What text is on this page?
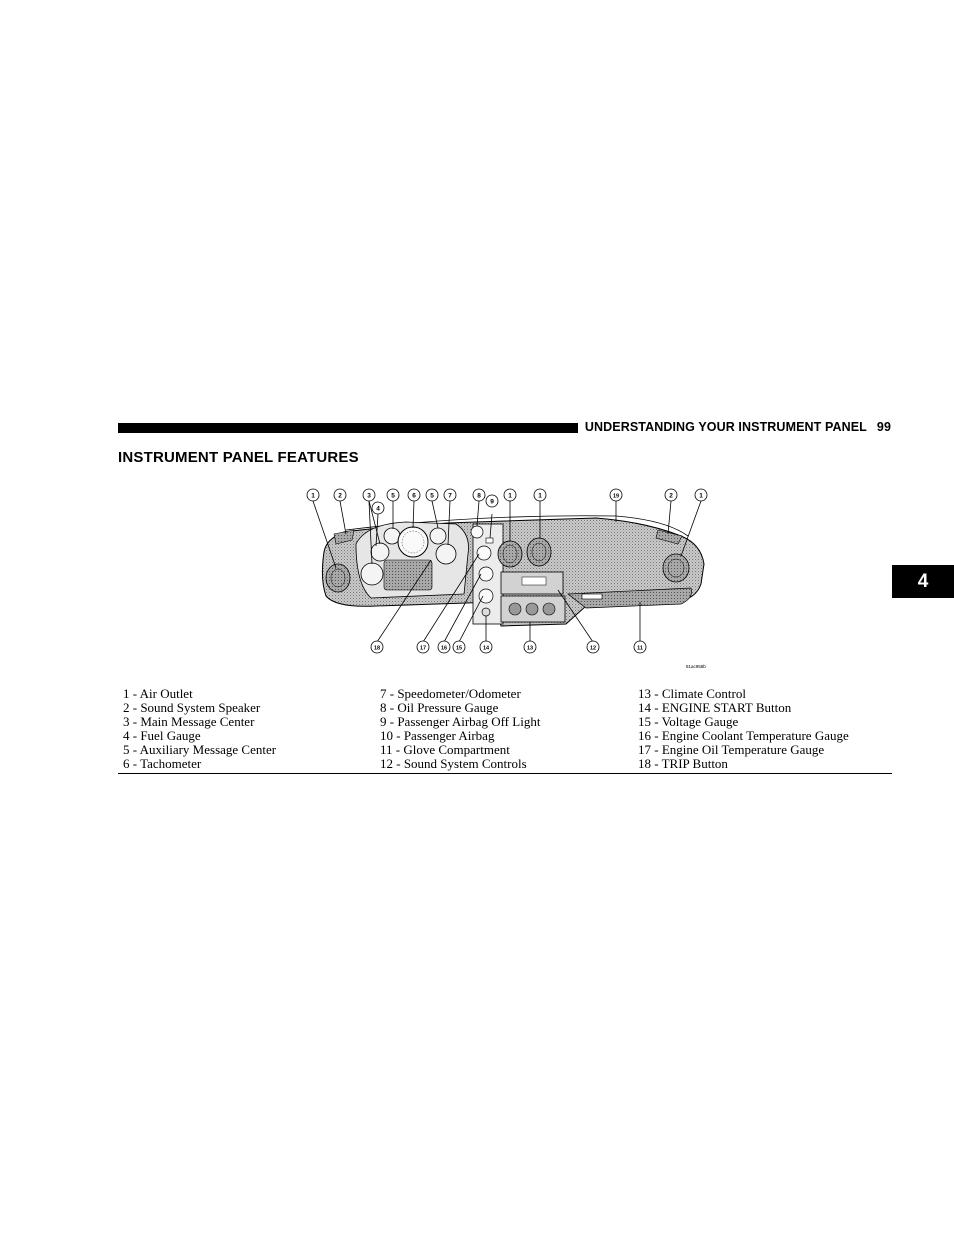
UNDERSTANDING YOUR INSTRUMENT PANEL 99
INSTRUMENT PANEL FEATURES
4
1	2	3	5	6 5 7	8	1	1	19	2	1
4
9
18	17	16 15	14	13	12	11
81ac958b
1 - Air Outlet
2 - Sound System Speaker
3 - Main Message Center
4 - Fuel Gauge
5 - Auxiliary Message Center
6 - Tachometer
7 - Speedometer/Odometer
8 - Oil Pressure Gauge
9 - Passenger Airbag Off Light
10 - Passenger Airbag
11 - Glove Compartment
12 - Sound System Controls
13 - Climate Control
14 - ENGINE START Button
15 - Voltage Gauge
16 - Engine Coolant Temperature Gauge
17 - Engine Oil Temperature Gauge
18 - TRIP Button
